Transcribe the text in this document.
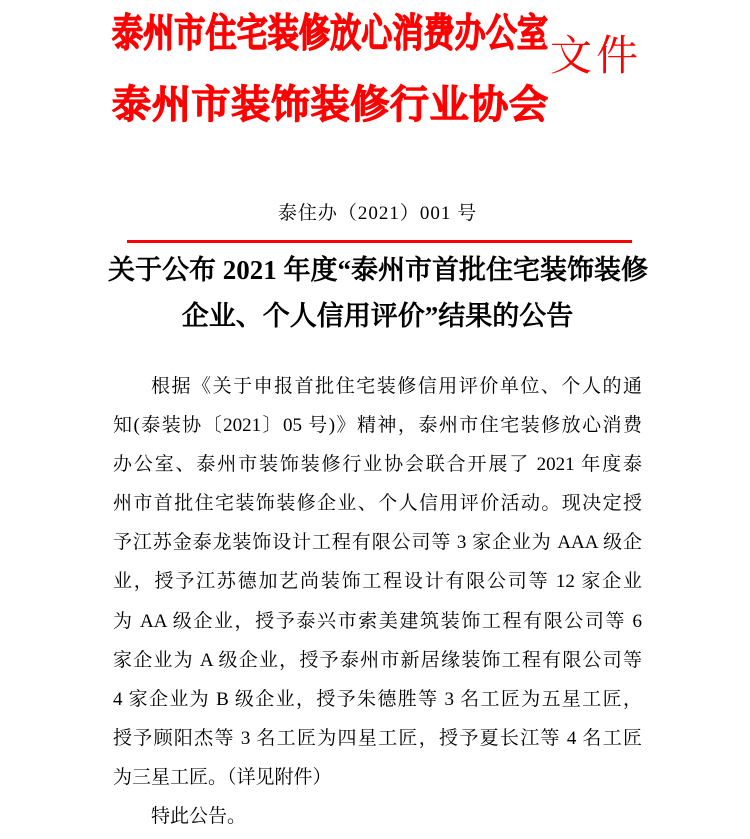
泰州市住宅装修放心消费办公室
泰州市装饰装修行业协会
文件
泰住办（2021）001 号
关于公布 2021 年度“泰州市首批住宅装饰装修
企业、个人信用评价”结果的公告
根据《关于申报首批住宅装修信用评价单位、个人的通
知(泰装协〔2021〕05 号)》精神，泰州市住宅装修放心消费
办公室、泰州市装饰装修行业协会联合开展了 2021 年度泰
州市首批住宅装饰装修企业、个人信用评价活动。现决定授
予江苏金泰龙装饰设计工程有限公司等 3 家企业为 AAA 级企
业，授予江苏德加艺尚装饰工程设计有限公司等 12 家企业
为 AA 级企业，授予泰兴市索美建筑装饰工程有限公司等 6
家企业为 A 级企业，授予泰州市新居缘装饰工程有限公司等
4 家企业为 B 级企业，授予朱德胜等 3 名工匠为五星工匠，
授予顾阳杰等 3 名工匠为四星工匠，授予夏长江等 4 名工匠
为三星工匠。（详见附件）
特此公告。
